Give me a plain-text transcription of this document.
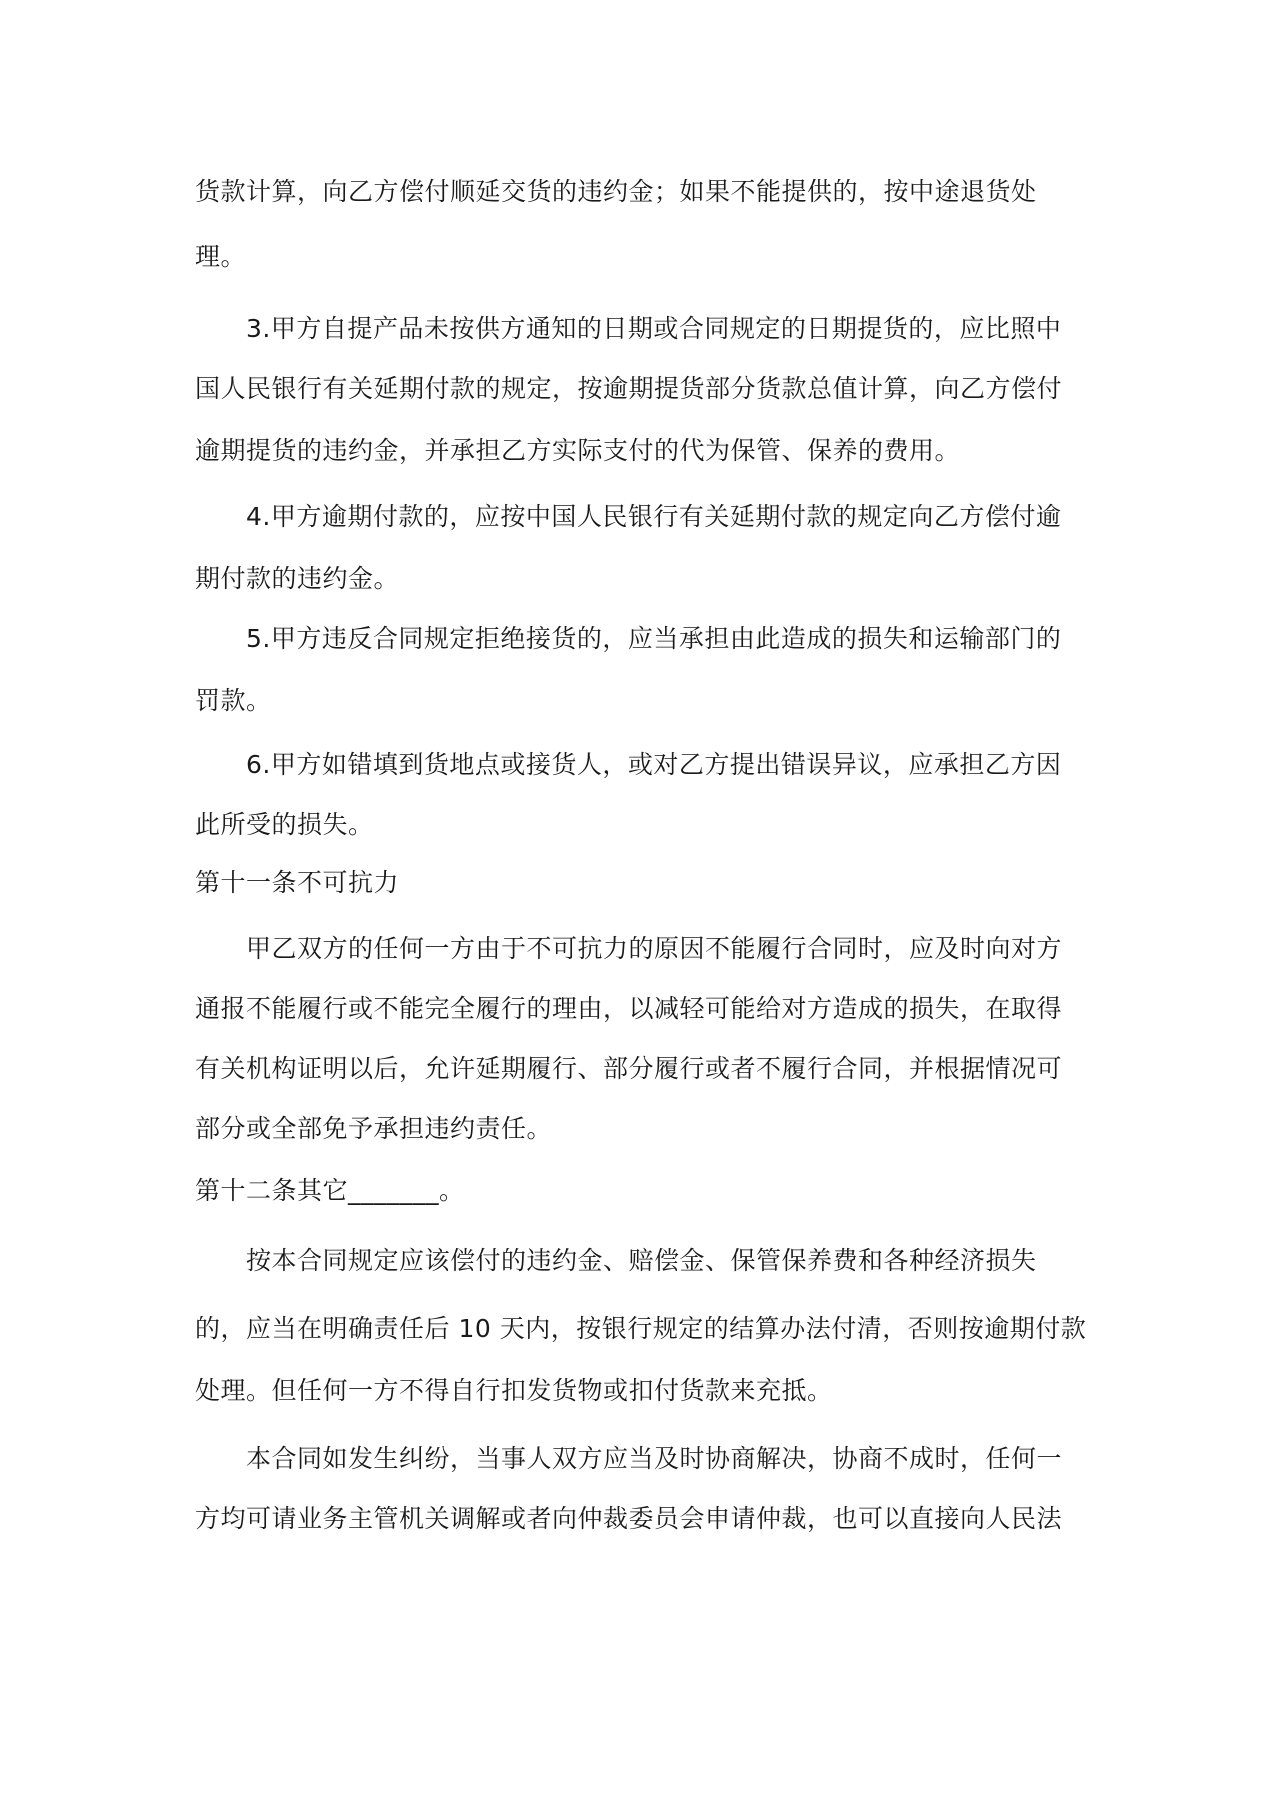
货款计算，向乙方偿付顺延交货的违约金；如果不能提供的，按中途退货处
理。
3.甲方自提产品未按供方通知的日期或合同规定的日期提货的，应比照中
国人民银行有关延期付款的规定，按逾期提货部分货款总值计算，向乙方偿付
逾期提货的违约金，并承担乙方实际支付的代为保管、保养的费用。
4.甲方逾期付款的，应按中国人民银行有关延期付款的规定向乙方偿付逾
期付款的违约金。
5.甲方违反合同规定拒绝接货的，应当承担由此造成的损失和运输部门的
罚款。
6.甲方如错填到货地点或接货人，或对乙方提出错误异议，应承担乙方因
此所受的损失。
第十一条不可抗力
甲乙双方的任何一方由于不可抗力的原因不能履行合同时，应及时向对方
通报不能履行或不能完全履行的理由，以减轻可能给对方造成的损失，在取得
有关机构证明以后，允许延期履行、部分履行或者不履行合同，并根据情况可
部分或全部免予承担违约责任。
第十二条其它_______。
按本合同规定应该偿付的违约金、赔偿金、保管保养费和各种经济损失
的，应当在明确责任后 10 天内，按银行规定的结算办法付清，否则按逾期付款
处理。但任何一方不得自行扣发货物或扣付货款来充抵。
本合同如发生纠纷，当事人双方应当及时协商解决，协商不成时，任何一
方均可请业务主管机关调解或者向仲裁委员会申请仲裁，也可以直接向人民法
